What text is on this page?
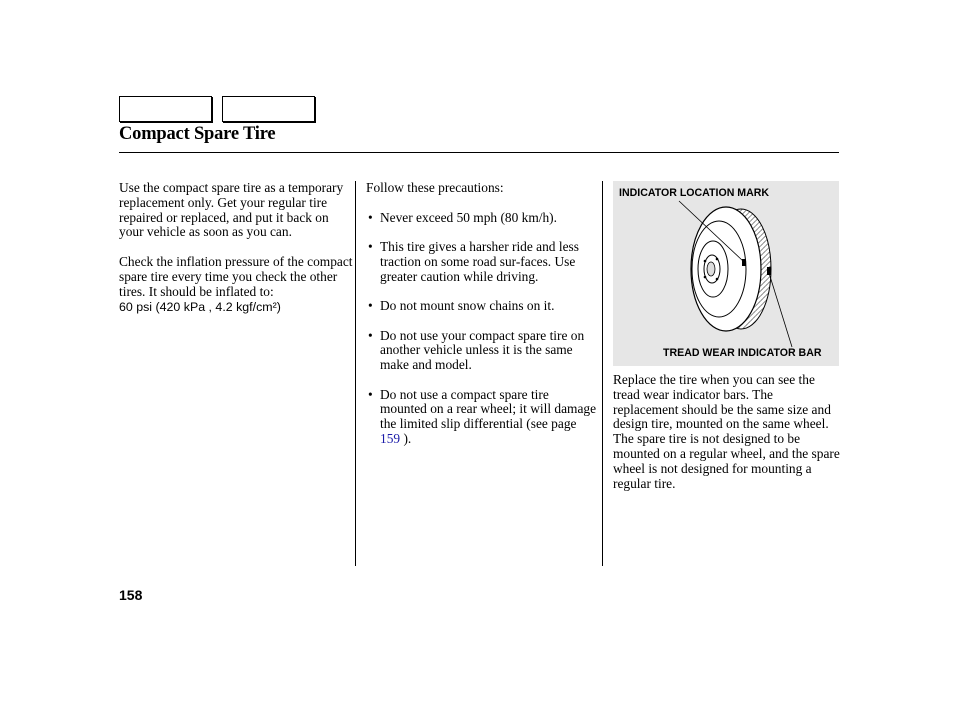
Compact Spare Tire

Use the compact spare tire as a temporary replacement only. Get your regular tire repaired or replaced, and put it back on your vehicle as soon as you can.

Check the inflation pressure of the compact spare tire every time you check the other tires. It should be inflated to:

60 psi (420 kPa , 4.2 kgf/cm²)

Follow these precautions:

• Never exceed 50 mph (80 km/h).

• This tire gives a harsher ride and less traction on some road sur-faces. Use greater caution while driving.

• Do not mount snow chains on it.

• Do not use your compact spare tire on another vehicle unless it is the same make and model.

• Do not use a compact spare tire mounted on a rear wheel; it will damage the limited slip differential (see page 159 ).

INDICATOR LOCATION MARK
TREAD WEAR INDICATOR BAR

Replace the tire when you can see the tread wear indicator bars. The replacement should be the same size and design tire, mounted on the same wheel. The spare tire is not designed to be mounted on a regular wheel, and the spare wheel is not designed for mounting a regular tire.

158
